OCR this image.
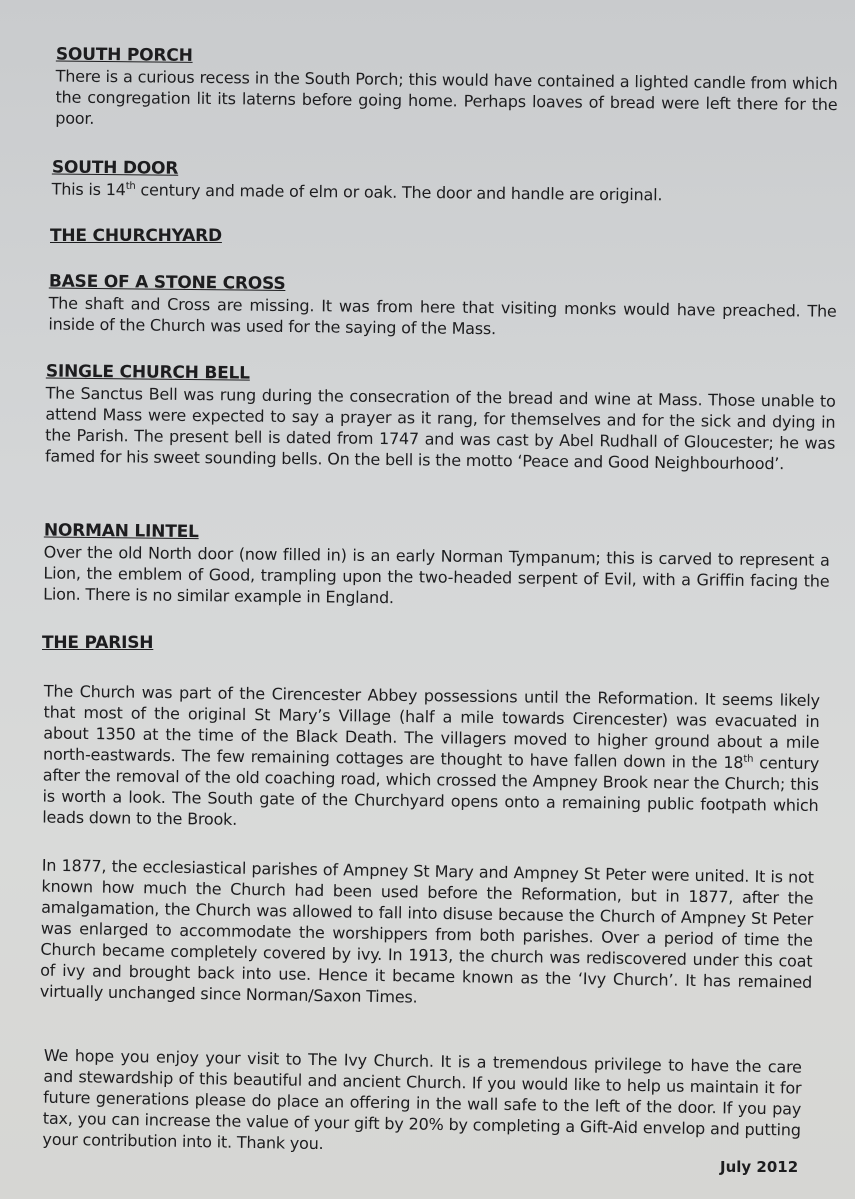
SOUTH PORCH

There is a curious recess in the South Porch; this would have contained a lighted candle from which the congregation lit its laterns before going home. Perhaps loaves of bread were left there for the poor.

SOUTH DOOR

This is 14th century and made of elm or oak. The door and handle are original.

THE CHURCHYARD

BASE OF A STONE CROSS

The shaft and Cross are missing. It was from here that visiting monks would have preached. The inside of the Church was used for the saying of the Mass.

SINGLE CHURCH BELL

The Sanctus Bell was rung during the consecration of the bread and wine at Mass. Those unable to attend Mass were expected to say a prayer as it rang, for themselves and for the sick and dying in the Parish. The present bell is dated from 1747 and was cast by Abel Rudhall of Gloucester; he was famed for his sweet sounding bells. On the bell is the motto ‘Peace and Good Neighbourhood’.

NORMAN LINTEL

Over the old North door (now filled in) is an early Norman Tympanum; this is carved to represent a Lion, the emblem of Good, trampling upon the two-headed serpent of Evil, with a Griffin facing the Lion. There is no similar example in England.

THE PARISH

The Church was part of the Cirencester Abbey possessions until the Reformation. It seems likely that most of the original St Mary’s Village (half a mile towards Cirencester) was evacuated in about 1350 at the time of the Black Death. The villagers moved to higher ground about a mile north-eastwards. The few remaining cottages are thought to have fallen down in the 18th century after the removal of the old coaching road, which crossed the Ampney Brook near the Church; this is worth a look. The South gate of the Churchyard opens onto a remaining public footpath which leads down to the Brook.

In 1877, the ecclesiastical parishes of Ampney St Mary and Ampney St Peter were united. It is not known how much the Church had been used before the Reformation, but in 1877, after the amalgamation, the Church was allowed to fall into disuse because the Church of Ampney St Peter was enlarged to accommodate the worshippers from both parishes. Over a period of time the Church became completely covered by ivy. In 1913, the church was rediscovered under this coat of ivy and brought back into use. Hence it became known as the ‘Ivy Church’. It has remained virtually unchanged since Norman/Saxon Times.

We hope you enjoy your visit to The Ivy Church. It is a tremendous privilege to have the care and stewardship of this beautiful and ancient Church. If you would like to help us maintain it for future generations please do place an offering in the wall safe to the left of the door. If you pay tax, you can increase the value of your gift by 20% by completing a Gift-Aid envelop and putting your contribution into it. Thank you.

July 2012
